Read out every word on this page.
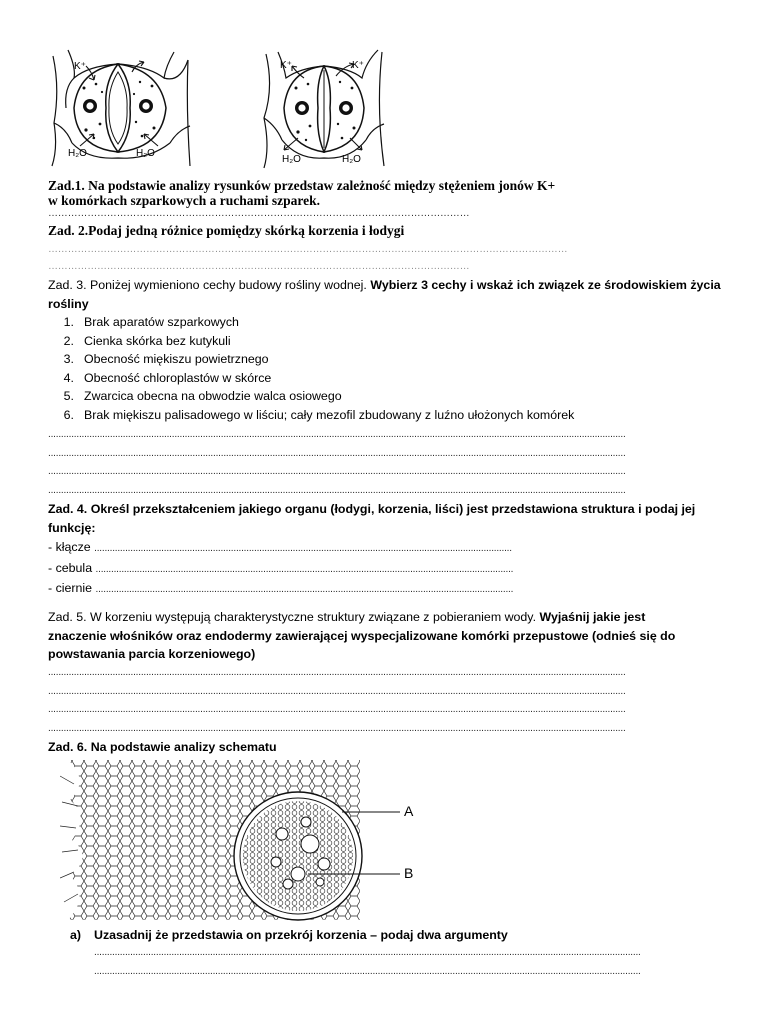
K⁺
H₂O	H₂O
K⁺	K⁺
H₂O	H₂O
Zad.1. Na podstawie analizy rysunków przedstaw zależność między stężeniem jonów K+
w komórkach szparkowych a ruchami szparek.
…………………………………………………………………………………………………………………
Zad. 2.Podaj jedną różnice pomiędzy skórką korzenia i łodygi
……………………………………………………………………………………………………………………………………………
…………………………………………………………………………………………………………………
Zad. 3. Poniżej wymieniono cechy budowy rośliny wodnej. Wybierz 3 cechy i wskaż ich związek ze środowiskiem życia rośliny
1. Brak aparatów szparkowych
2. Cienka skórka bez kutykuli
3. Obecność miękiszu powietrznego
4. Obecność chloroplastów w skórce
5. Zwarcica obecna na obwodzie walca osiowego
6. Brak miękiszu palisadowego w liściu; cały mezofil zbudowany z luźno ułożonych komórek
................................................................................................................................................................................................................................
................................................................................................................................................................................................................................
................................................................................................................................................................................................................................
................................................................................................................................................................................................................................
Zad. 4. Określ przekształceniem jakiego organu (łodygi, korzenia, liści) jest przedstawiona struktura i podaj jej
funkcję:
- kłącze ..................................................................................................................................................................
- cebula ..................................................................................................................................................................
- ciernie ..................................................................................................................................................................
Zad. 5. W korzeniu występują charakterystyczne struktury związane z pobieraniem wody. Wyjaśnij jakie jest
znaczenie włośników oraz endodermy zawierającej wyspecjalizowane komórki przepustowe (odnieś się do
powstawania parcia korzeniowego)
................................................................................................................................................................................................................................
................................................................................................................................................................................................................................
................................................................................................................................................................................................................................
................................................................................................................................................................................................................................
Zad. 6. Na podstawie analizy schematu
A
B
a) Uzasadnij że przedstawia on przekrój korzenia – podaj dwa argumenty
....................................................................................................................................................................................................................
....................................................................................................................................................................................................................
